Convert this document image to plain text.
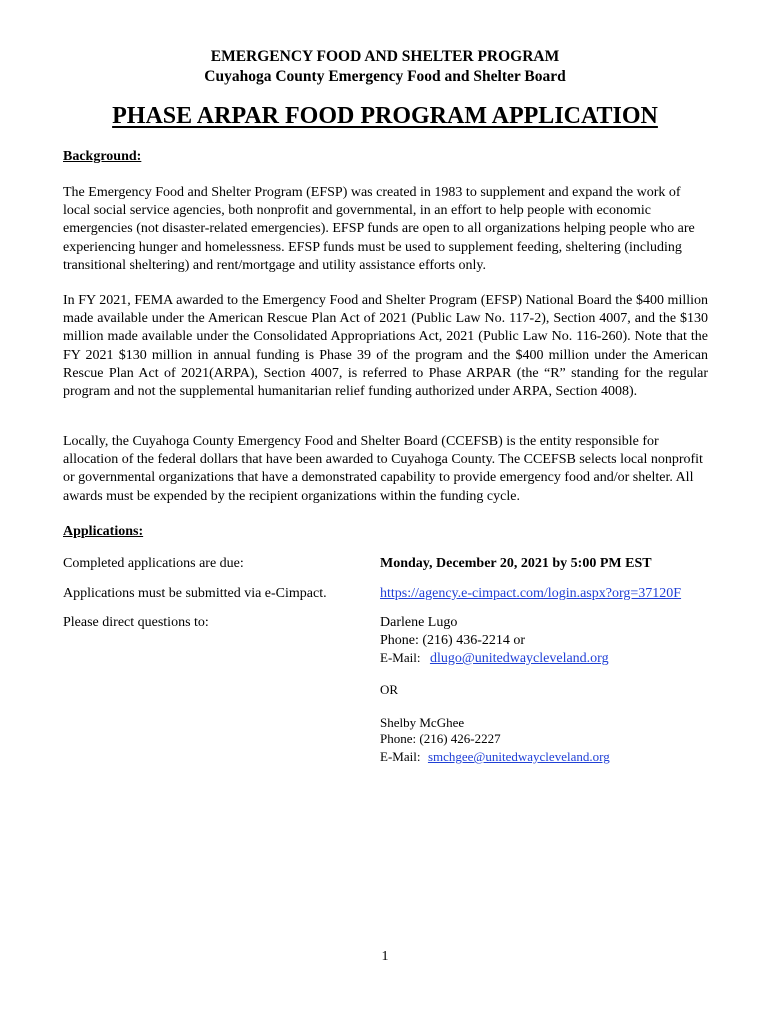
EMERGENCY FOOD AND SHELTER PROGRAM
Cuyahoga County Emergency Food and Shelter Board
PHASE ARPAR FOOD PROGRAM APPLICATION
Background:

The Emergency Food and Shelter Program (EFSP) was created in 1983 to supplement and expand the work of local social service agencies, both nonprofit and governmental, in an effort to help people with economic emergencies (not disaster-related emergencies). EFSP funds are open to all organizations helping people who are experiencing hunger and homelessness. EFSP funds must be used to supplement feeding, sheltering (including transitional sheltering) and rent/mortgage and utility assistance efforts only.

In FY 2021, FEMA awarded to the Emergency Food and Shelter Program (EFSP) National Board the $400 million made available under the American Rescue Plan Act of 2021 (Public Law No. 117-2), Section 4007, and the $130 million made available under the Consolidated Appropriations Act, 2021 (Public Law No. 116-260). Note that the FY 2021 $130 million in annual funding is Phase 39 of the program and the $400 million under the American Rescue Plan Act of 2021(ARPA), Section 4007, is referred to Phase ARPAR (the “R” standing for the regular program and not the supplemental humanitarian relief funding authorized under ARPA, Section 4008).

Locally, the Cuyahoga County Emergency Food and Shelter Board (CCEFSB) is the entity responsible for allocation of the federal dollars that have been awarded to Cuyahoga County. The CCEFSB selects local nonprofit or governmental organizations that have a demonstrated capability to provide emergency food and/or shelter. All awards must be expended by the recipient organizations within the funding cycle.

Applications:
Completed applications are due:	Monday, December 20, 2021 by 5:00 PM EST
Applications must be submitted via e-Cimpact.	https://agency.e-cimpact.com/login.aspx?org=37120F
Please direct questions to:	Darlene Lugo
Phone: (216) 436-2214 or
E-Mail: dlugo@unitedwaycleveland.org
OR
Shelby McGhee
Phone: (216) 426-2227
E-Mail: smchgee@unitedwaycleveland.org
1
